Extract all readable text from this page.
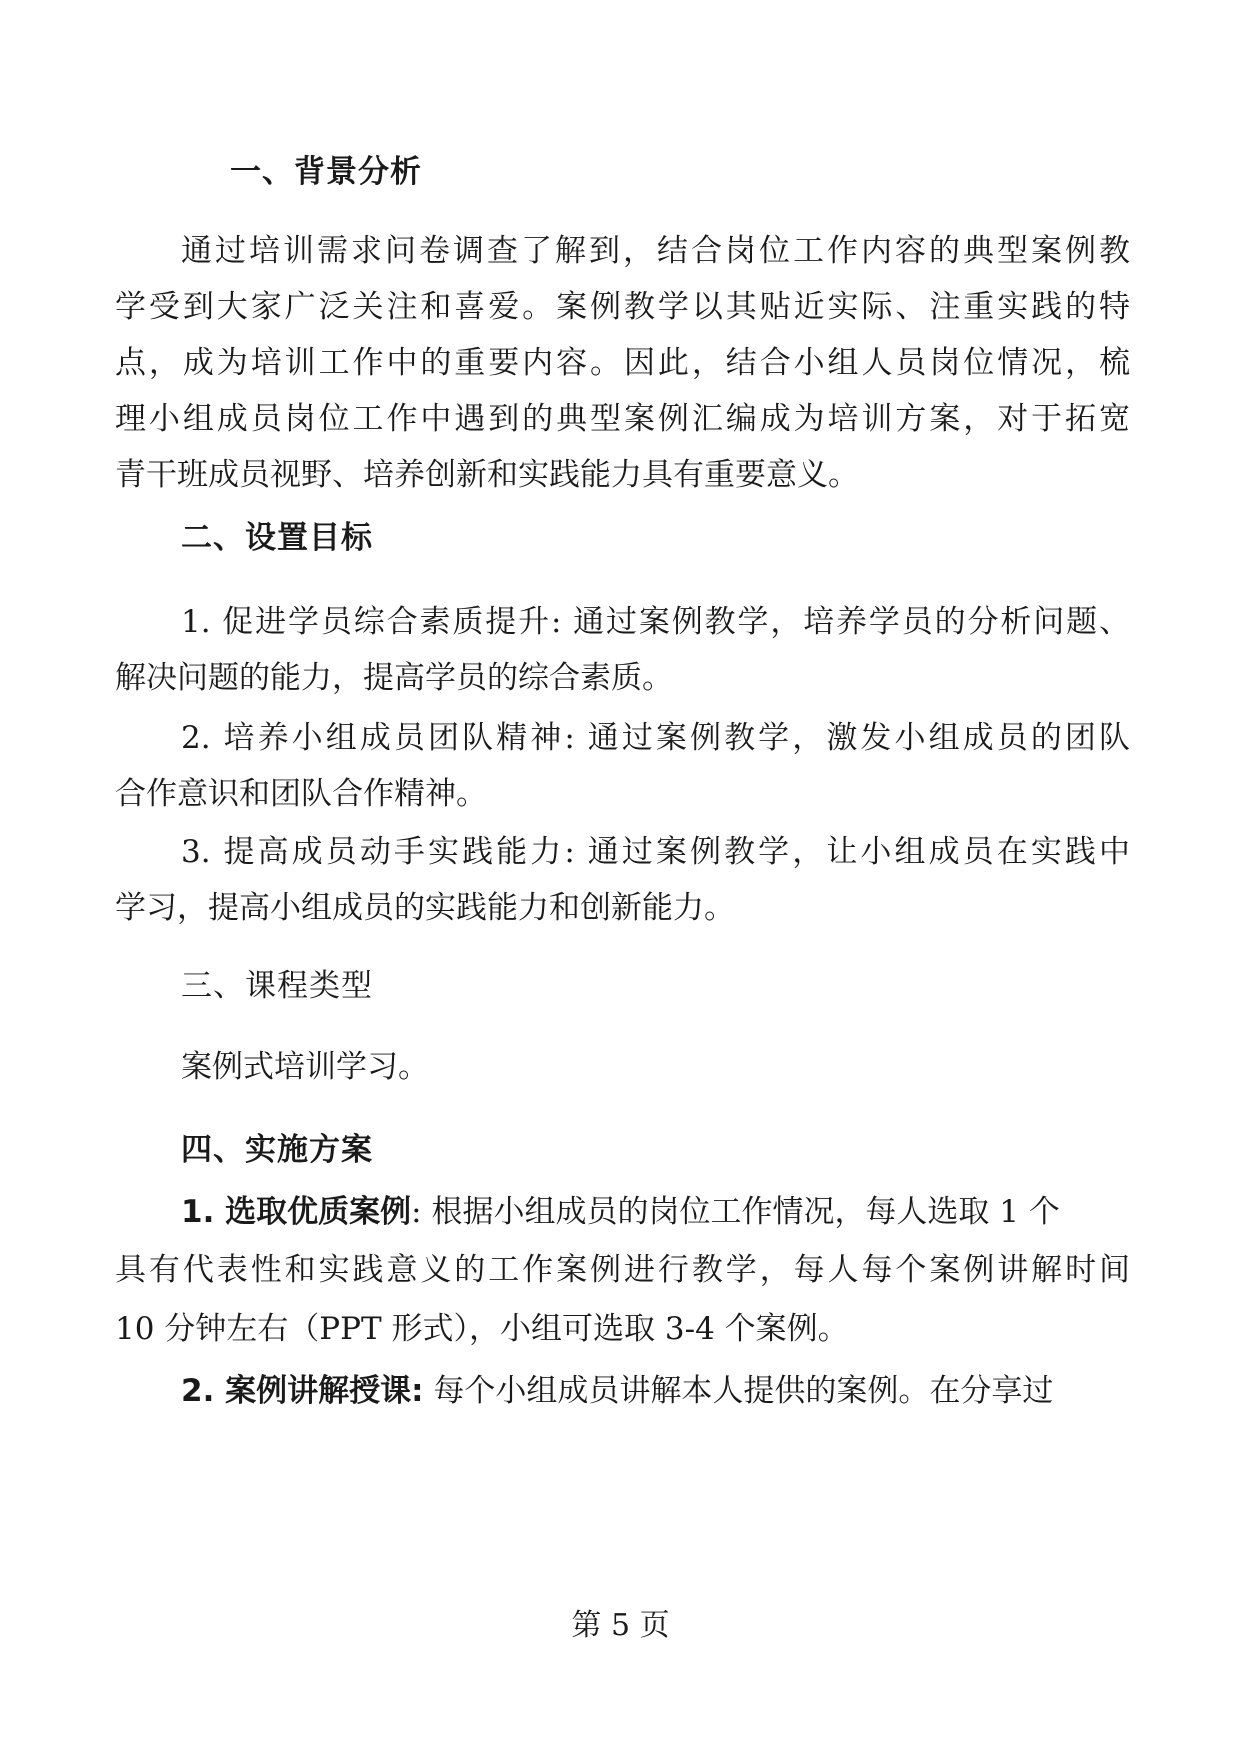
一、背景分析
通过培训需求问卷调查了解到，结合岗位工作内容的典型案例教
学受到大家广泛关注和喜爱。案例教学以其贴近实际、注重实践的特
点，成为培训工作中的重要内容。因此，结合小组人员岗位情况，梳
理小组成员岗位工作中遇到的典型案例汇编成为培训方案，对于拓宽
青干班成员视野、培养创新和实践能力具有重要意义。
二、设置目标
1. 促进学员综合素质提升: 通过案例教学，培养学员的分析问题、
解决问题的能力，提高学员的综合素质。
2. 培养小组成员团队精神: 通过案例教学，激发小组成员的团队
合作意识和团队合作精神。
3. 提高成员动手实践能力: 通过案例教学，让小组成员在实践中
学习，提高小组成员的实践能力和创新能力。
三、课程类型
案例式培训学习。
四、实施方案
1. 选取优质案例: 根据小组成员的岗位工作情况，每人选取 1 个
具有代表性和实践意义的工作案例进行教学，每人每个案例讲解时间
10 分钟左右（PPT 形式），小组可选取 3-4 个案例。
2. 案例讲解授课: 每个小组成员讲解本人提供的案例。在分享过
第 5 页
